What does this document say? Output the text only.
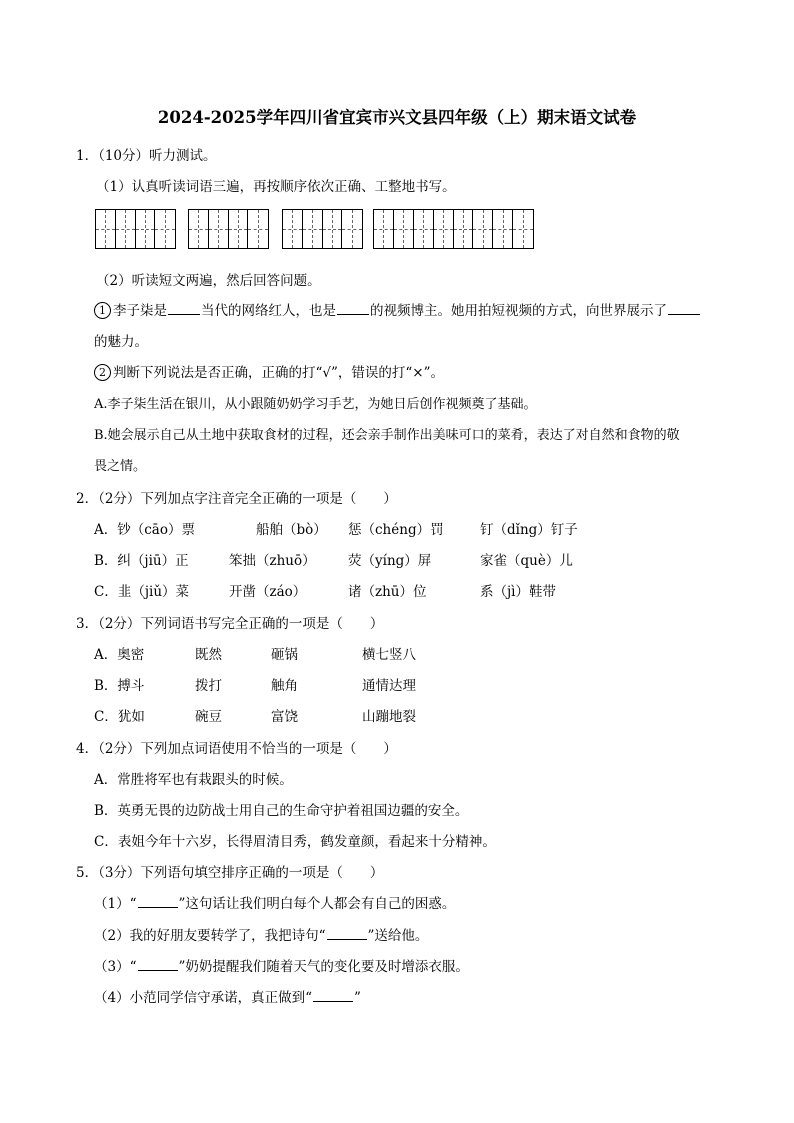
2024-2025学年四川省宜宾市兴文县四年级（上）期末语文试卷
1．（10分）听力测试。
（1）认真听读词语三遍，再按顺序依次正确、工整地书写。
（2）听读短文两遍，然后回答问题。
1 李子柒是	当代的网络红人，也是	的视频博主。她用拍短视频的方式，向世界展示了
的魅力。
2 判断下列说法是否正确，正确的打“√”，错误的打“×”。
A.李子柒生活在银川，从小跟随奶奶学习手艺，为她日后创作视频奠了基础。
B.她会展示自己从土地中获取食材的过程，还会亲手制作出美味可口的菜肴，表达了对自然和食物的敬
畏之情。
2．（2分）下列加点字注音完全正确的一项是（　　）
A．钞（cāo）票	船舶（bò） 惩（chéng）罚	钉（dǐng）钉子
B．纠（jiū）正	笨拙（zhuō） 荧（yíng）屏	家雀（què）儿
C．韭（jiǔ）菜	开凿（záo）	诸（zhū）位	系（jì）鞋带
3．（2分）下列词语书写完全正确的一项是（　　）
A．奥密	既然	砸锅	横七竖八
B．搏斗	拨打	触角	通情达理
C．犹如	碗豆	富饶	山蹦地裂
4．（2分）下列加点词语使用不恰当的一项是（　　）
A．常胜将军也有栽跟头的时候。
B．英勇无畏的边防战士用自己的生命守护着祖国边疆的安全。
C．表姐今年十六岁，长得眉清目秀，鹤发童颜，看起来十分精神。
5．（3分）下列语句填空排序正确的一项是（　　）
（1）“	”这句话让我们明白每个人都会有自己的困惑。
（2）我的好朋友要转学了，我把诗句“	”送给他。
（3）“	”奶奶提醒我们随着天气的变化要及时增添衣服。
（4）小范同学信守承诺，真正做到“	”
